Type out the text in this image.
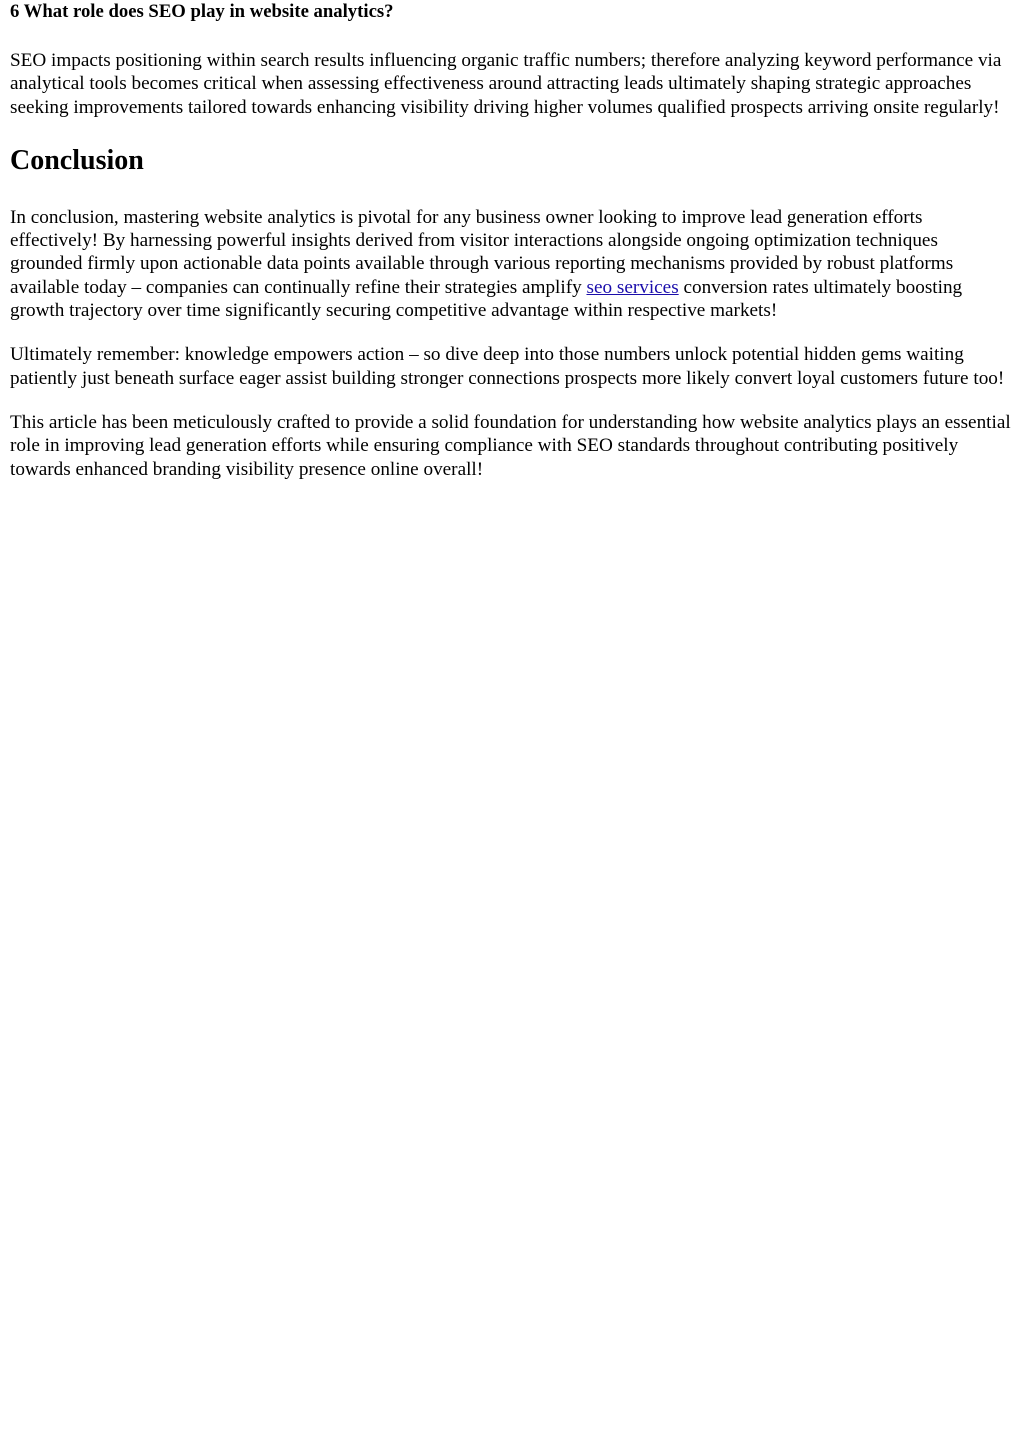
6 What role does SEO play in website analytics?

SEO impacts positioning within search results influencing organic traffic numbers; therefore analyzing keyword performance via analytical tools becomes critical when assessing effectiveness around attracting leads ultimately shaping strategic approaches seeking improvements tailored towards enhancing visibility driving higher volumes qualified prospects arriving onsite regularly!

Conclusion

In conclusion, mastering website analytics is pivotal for any business owner looking to improve lead generation efforts effectively! By harnessing powerful insights derived from visitor interactions alongside ongoing optimization techniques grounded firmly upon actionable data points available through various reporting mechanisms provided by robust platforms available today – companies can continually refine their strategies amplify seo services conversion rates ultimately boosting growth trajectory over time significantly securing competitive advantage within respective markets!

Ultimately remember: knowledge empowers action – so dive deep into those numbers unlock potential hidden gems waiting patiently just beneath surface eager assist building stronger connections prospects more likely convert loyal customers future too!

This article has been meticulously crafted to provide a solid foundation for understanding how website analytics plays an essential role in improving lead generation efforts while ensuring compliance with SEO standards throughout contributing positively towards enhanced branding visibility presence online overall!
